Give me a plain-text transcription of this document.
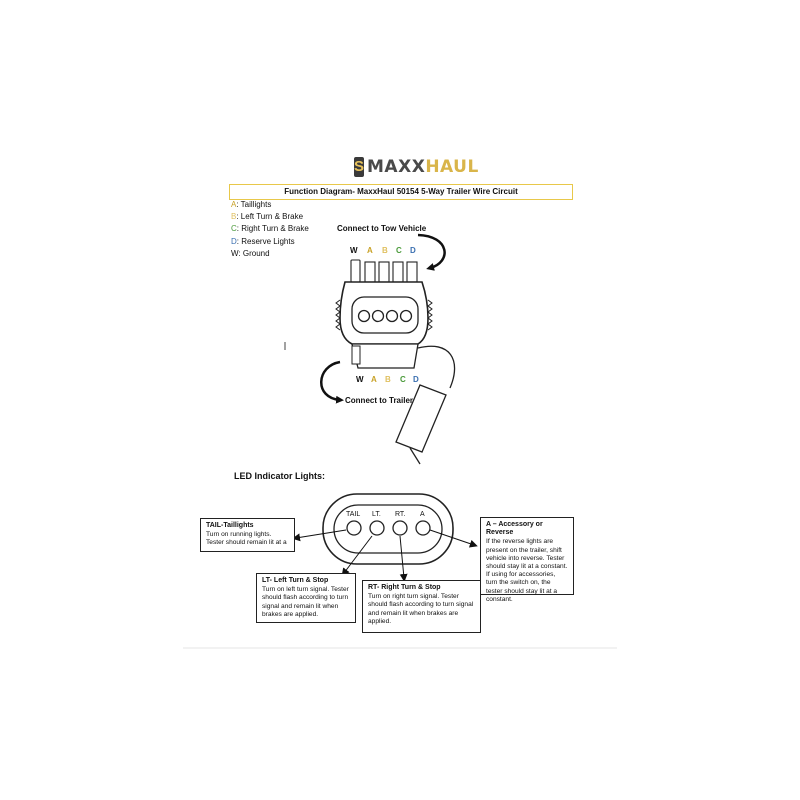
S MAXXHAUL
Function Diagram- MaxxHaul 50154 5-Way Trailer Wire Circuit
A: Taillights
B: Left Turn & Brake
C: Right Turn & Brake
D: Reserve Lights
W: Ground
Connect to Tow Vehicle
Connect to Trailer
W A B C D
W A B C D
TAIL LT. RT. A
LED Indicator Lights:
TAIL-Taillights
Turn on running lights. Tester should remain lit at a
LT- Left Turn & Stop
Turn on left turn signal. Tester should flash according to turn signal and remain lit when brakes are applied.
RT- Right Turn & Stop
Turn on right turn signal. Tester should flash according to turn signal and remain lit when brakes are applied.
A – Accessory or Reverse
If the reverse lights are present on the trailer, shift vehicle into reverse. Tester should stay lit at a constant. If using for accessories, turn the switch on, the tester should stay lit at a constant.
